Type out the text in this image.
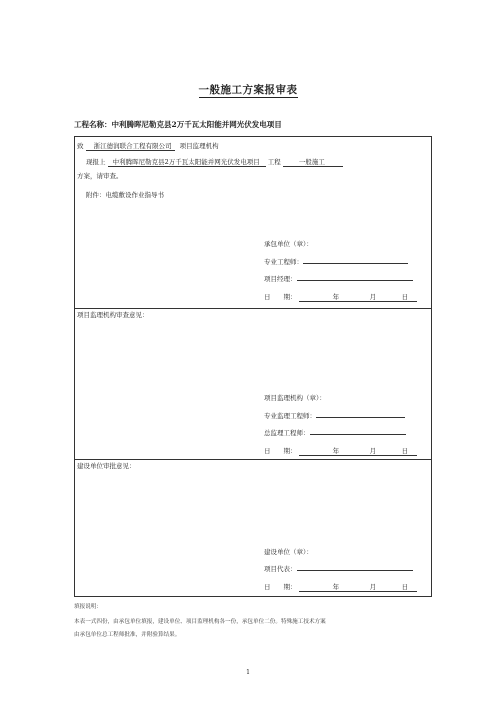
一般施工方案报审表
工程名称：中利腾晖尼勒克县2万千瓦太阳能并网光伏发电项目
致 浙江德润联合工程有限公司 项目监理机构
现报上 中利腾晖尼勒克县2万千瓦太阳能并网光伏发电项目 工程	一般施工
方案，请审查。
附件：电缆敷设作业指导书
承包单位（章）：
专业工程师：
项目经理：
日　　期：	年	月	日
项目监理机构审查意见：
项目监理机构（章）：
专业监理工程师：
总监理工程师：
日　　期：	年	月	日
建设单位审批意见：
建设单位（章）：
项目代表：
日　　期：	年	月	日
填报说明：
本表一式四份，由承包单位填报，建设单位、项目监理机构各一份，承包单位二份。特殊施工技术方案
由承包单位总工程师批准，并附验算结果。
1
